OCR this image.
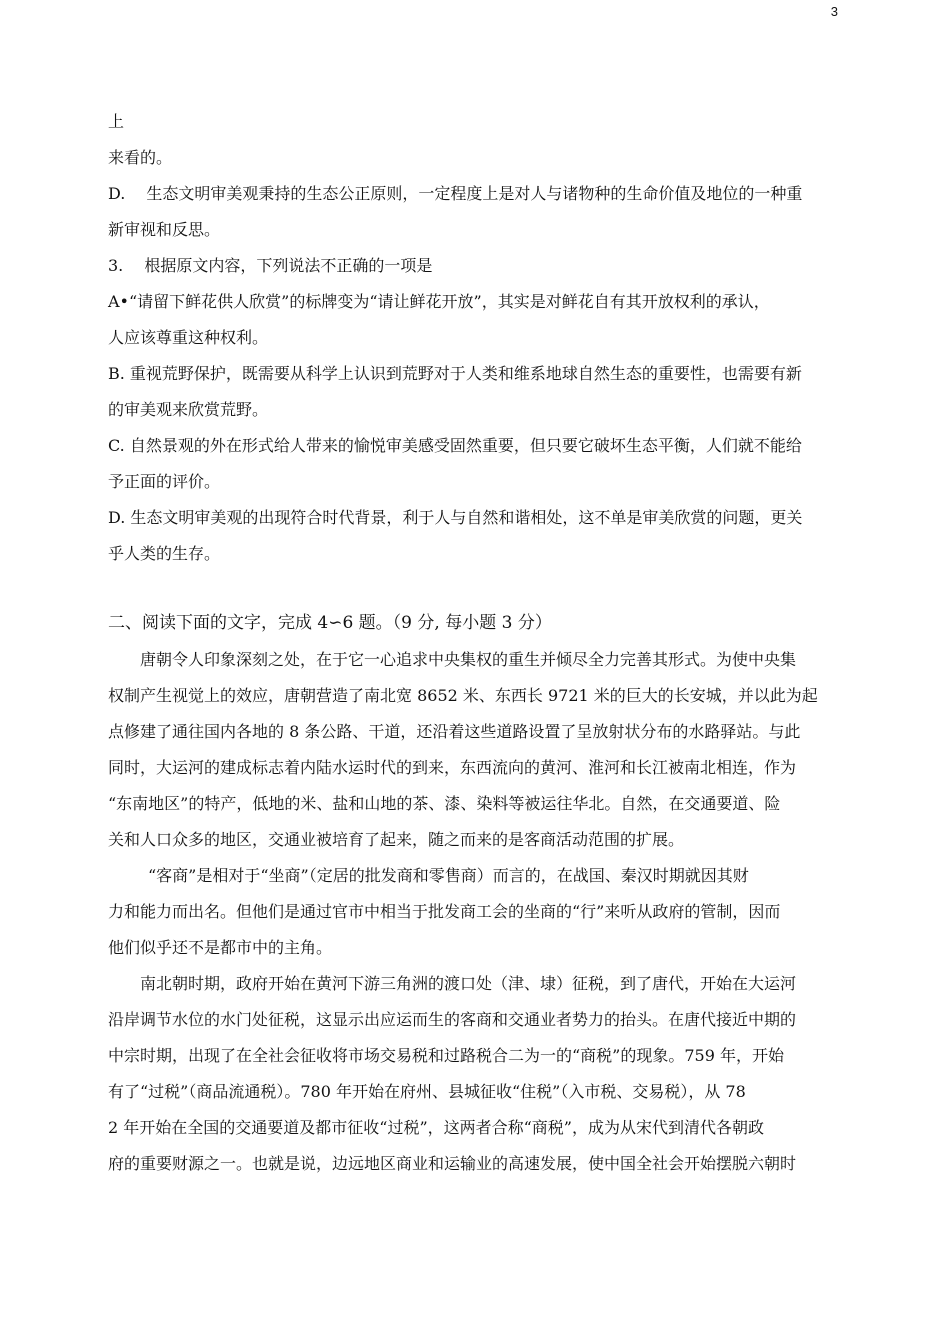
3
上
来看的。
D.　 生态文明审美观秉持的生态公正原则，一定程度上是对人与诸物种的生命价值及地位的一种重
新审视和反思。
3.　 根据原文内容，下列说法不正确的一项是
A•“请留下鲜花供人欣赏”的标牌变为“请让鲜花开放”，其实是对鲜花自有其开放权利的承认，
人应该尊重这种权利。
B. 重视荒野保护，既需要从科学上认识到荒野对于人类和维系地球自然生态的重要性，也需要有新
的审美观来欣赏荒野。
C. 自然景观的外在形式给人带来的愉悦审美感受固然重要，但只要它破坏生态平衡，人们就不能给
予正面的评价。
D. 生态文明审美观的出现符合时代背景，利于人与自然和谐相处，这不单是审美欣赏的问题，更关
乎人类的生存。
二、阅读下面的文字，完成 4∽6 题。（9 分, 每小题 3 分）
唐朝令人印象深刻之处，在于它一心追求中央集权的重生并倾尽全力完善其形式。为使中央集
权制产生视觉上的效应，唐朝营造了南北宽 8652 米、东西长 9721 米的巨大的长安城，并以此为起
点修建了通往国内各地的 8 条公路、干道，还沿着这些道路设置了呈放射状分布的水路驿站。与此
同时，大运河的建成标志着内陆水运时代的到来，东西流向的黄河、淮河和长江被南北相连，作为
“东南地区”的特产，低地的米、盐和山地的茶、漆、染料等被运往华北。自然，在交通要道、险
关和人口众多的地区，交通业被培育了起来，随之而来的是客商活动范围的扩展。
“客商”是相对于“坐商”（定居的批发商和零售商）而言的，在战国、秦汉时期就因其财
力和能力而出名。但他们是通过官市中相当于批发商工会的坐商的“行”来听从政府的管制，因而
他们似乎还不是都市中的主角。
南北朝时期，政府开始在黄河下游三角洲的渡口处（津、埭）征税，到了唐代，开始在大运河
沿岸调节水位的水门处征税，这显示出应运而生的客商和交通业者势力的抬头。在唐代接近中期的
中宗时期，出现了在全社会征收将市场交易税和过路税合二为一的“商税”的现象。759 年，开始
有了“过税”（商品流通税）。780 年开始在府州、县城征收“住税”（入市税、交易税），从 78
2 年开始在全国的交通要道及都市征收“过税”，这两者合称“商税”，成为从宋代到清代各朝政
府的重要财源之一。也就是说，边远地区商业和运输业的高速发展，使中国全社会开始摆脱六朝时
